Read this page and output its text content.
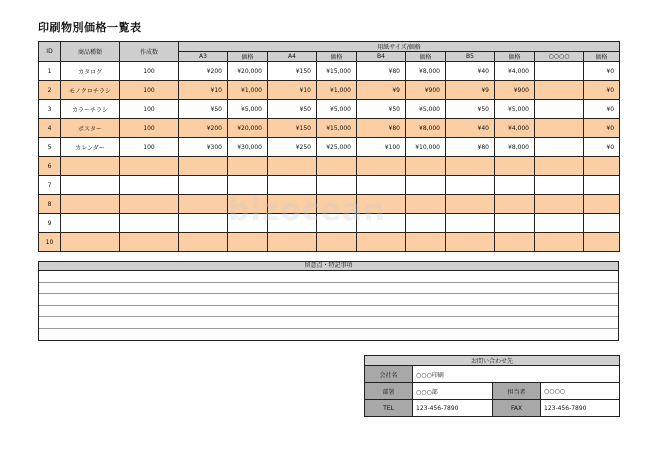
印刷物別価格一覧表
ID	商品種類	作成数	用紙サイズ/価格									
			A3	価格	A4	価格	B4	価格	B5	価格	○○○○	価格
1	カタログ	100	¥200	¥20,000	¥150	¥15,000	¥80	¥8,000	¥40	¥4,000		¥0
2	モノクロチラシ	100	¥10	¥1,000	¥10	¥1,000	¥9	¥900	¥9	¥900		¥0
3	カラーチラシ	100	¥50	¥5,000	¥50	¥5,000	¥50	¥5,000	¥50	¥5,000		¥0
4	ポスター	100	¥200	¥20,000	¥150	¥15,000	¥80	¥8,000	¥40	¥4,000		¥0
5	カレンダー	100	¥300	¥30,000	¥250	¥25,000	¥100	¥10,000	¥80	¥8,000		¥0
6												
7												
8												
9												
10												
留意点・特記事項
お問い合わせ先			
会社名	○○○印刷		
部署	○○○部	担当者	○○○○
TEL	123-456-7890	FAX	123-456-7890
bizocean
